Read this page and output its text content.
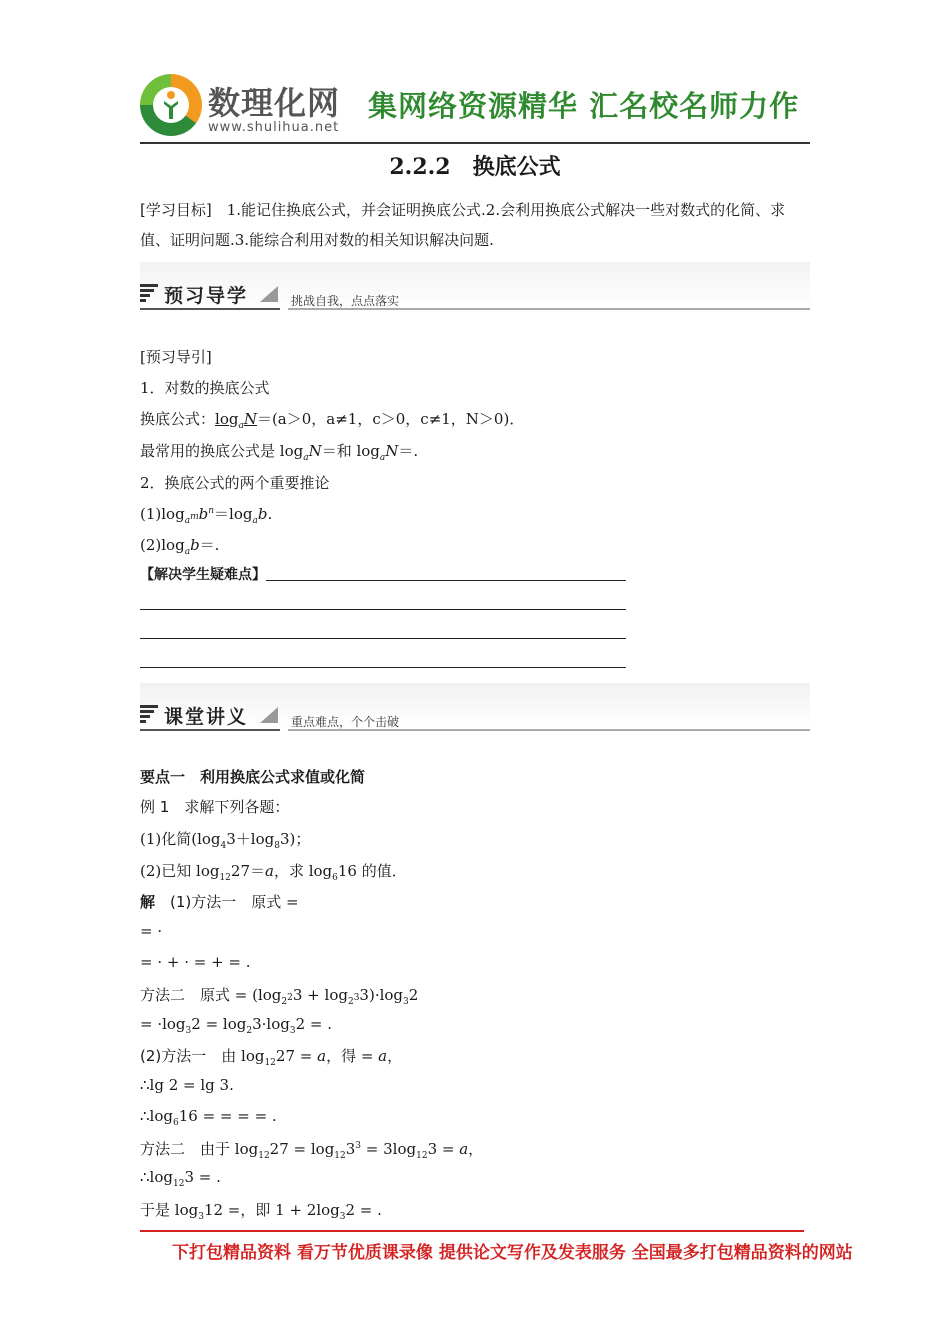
数理化网
www.shulihua.net
集网络资源精华 汇名校名师力作
2.2.2　换底公式
[学习目标]　1.能记住换底公式，并会证明换底公式.2.会利用换底公式解决一些对数式的化简、求值、证明问题.3.能综合利用对数的相关知识解决问题.
预习导学	挑战自我，点点落实
[预习导引]
1．对数的换底公式
换底公式：$\log_aN=(a>0$，a≠1，c＞0，c≠1，N＞0)．
最常用的换底公式是 $\log_aN=$和 $\log_aN=$.
2．换底公式的两个重要推论
$(1)\log_{a^m}b^n=\log_ab$.
$(2)\log_ab=$.
【解决学生疑难点】
课堂讲义	重点难点，个个击破
要点一　利用换底公式求值或化简
例 1　求解下列各题：
(1)化简$(\log_43+\log_83)$；
(2)已知 $\log_{12}27=a$，求 $\log_616$ 的值．
解　(1)方法一　原式 =
= ·
= · + · = + = .
方法二　原式 = $(\log_{2^2}3 + \log_{2^3}3)\cdot\log_32$
= $\cdot\log_32 = \log_23\cdot\log_32$ = .
(2)方法一　由 $\log_{12}27 = a$，得 = a，
∴lg 2 = lg 3.
$\therefore\log_616$ = = = = .
方法二　由于 $\log_{12}27 = \log_{12}3^3 = 3\log_{12}3 = a$，
$\therefore\log_{12}3$ = .
于是 $\log_312$ =，即 $1 + 2\log_32$ = .
下打包精品资料 看万节优质课录像 提供论文写作及发表服务 全国最多打包精品资料的网站
